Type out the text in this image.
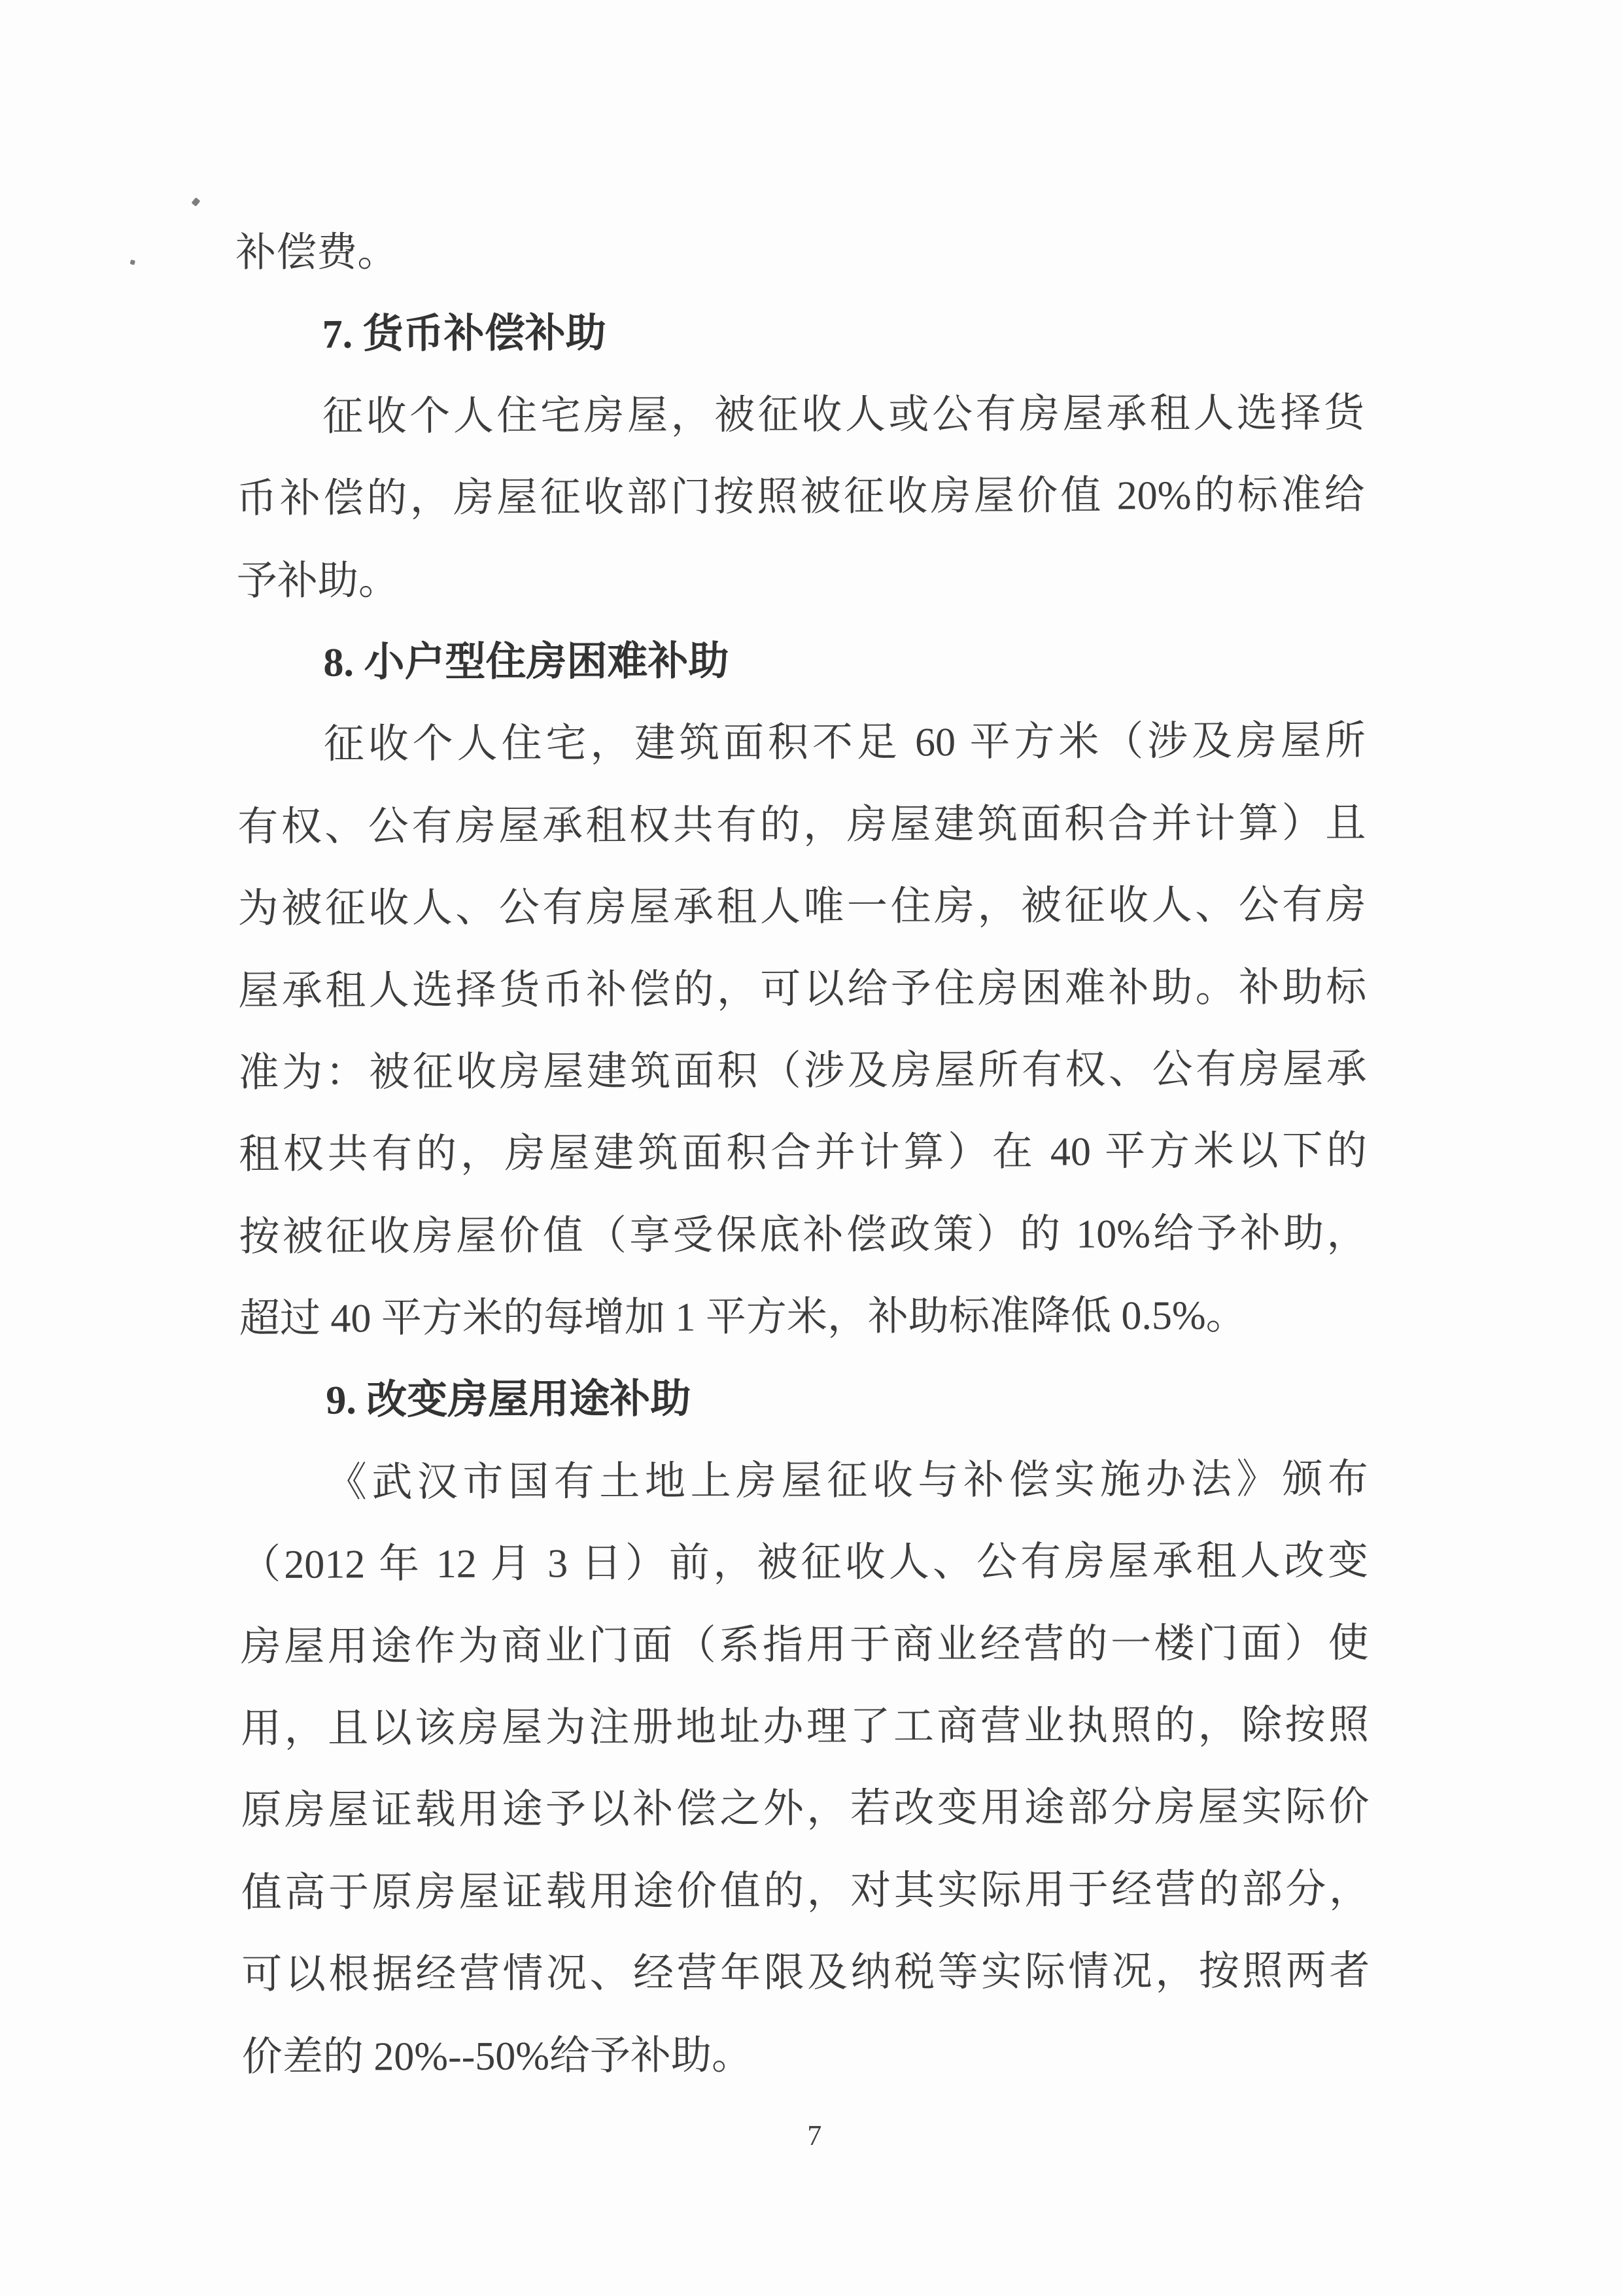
补偿费。
7. 货币补偿补助
征收个人住宅房屋，被征收人或公有房屋承租人选择货
币补偿的，房屋征收部门按照被征收房屋价值 20%的标准给
予补助。
8. 小户型住房困难补助
征收个人住宅，建筑面积不足 60 平方米（涉及房屋所
有权、公有房屋承租权共有的，房屋建筑面积合并计算）且
为被征收人、公有房屋承租人唯一住房，被征收人、公有房
屋承租人选择货币补偿的，可以给予住房困难补助。补助标
准为：被征收房屋建筑面积（涉及房屋所有权、公有房屋承
租权共有的，房屋建筑面积合并计算）在 40 平方米以下的
按被征收房屋价值（享受保底补偿政策）的 10%给予补助，
超过 40 平方米的每增加 1 平方米，补助标准降低 0.5%。
9. 改变房屋用途补助
《武汉市国有土地上房屋征收与补偿实施办法》颁布
（2012 年 12 月 3 日）前，被征收人、公有房屋承租人改变
房屋用途作为商业门面（系指用于商业经营的一楼门面）使
用，且以该房屋为注册地址办理了工商营业执照的，除按照
原房屋证载用途予以补偿之外，若改变用途部分房屋实际价
值高于原房屋证载用途价值的，对其实际用于经营的部分，
可以根据经营情况、经营年限及纳税等实际情况，按照两者
价差的 20%--50%给予补助。
7
